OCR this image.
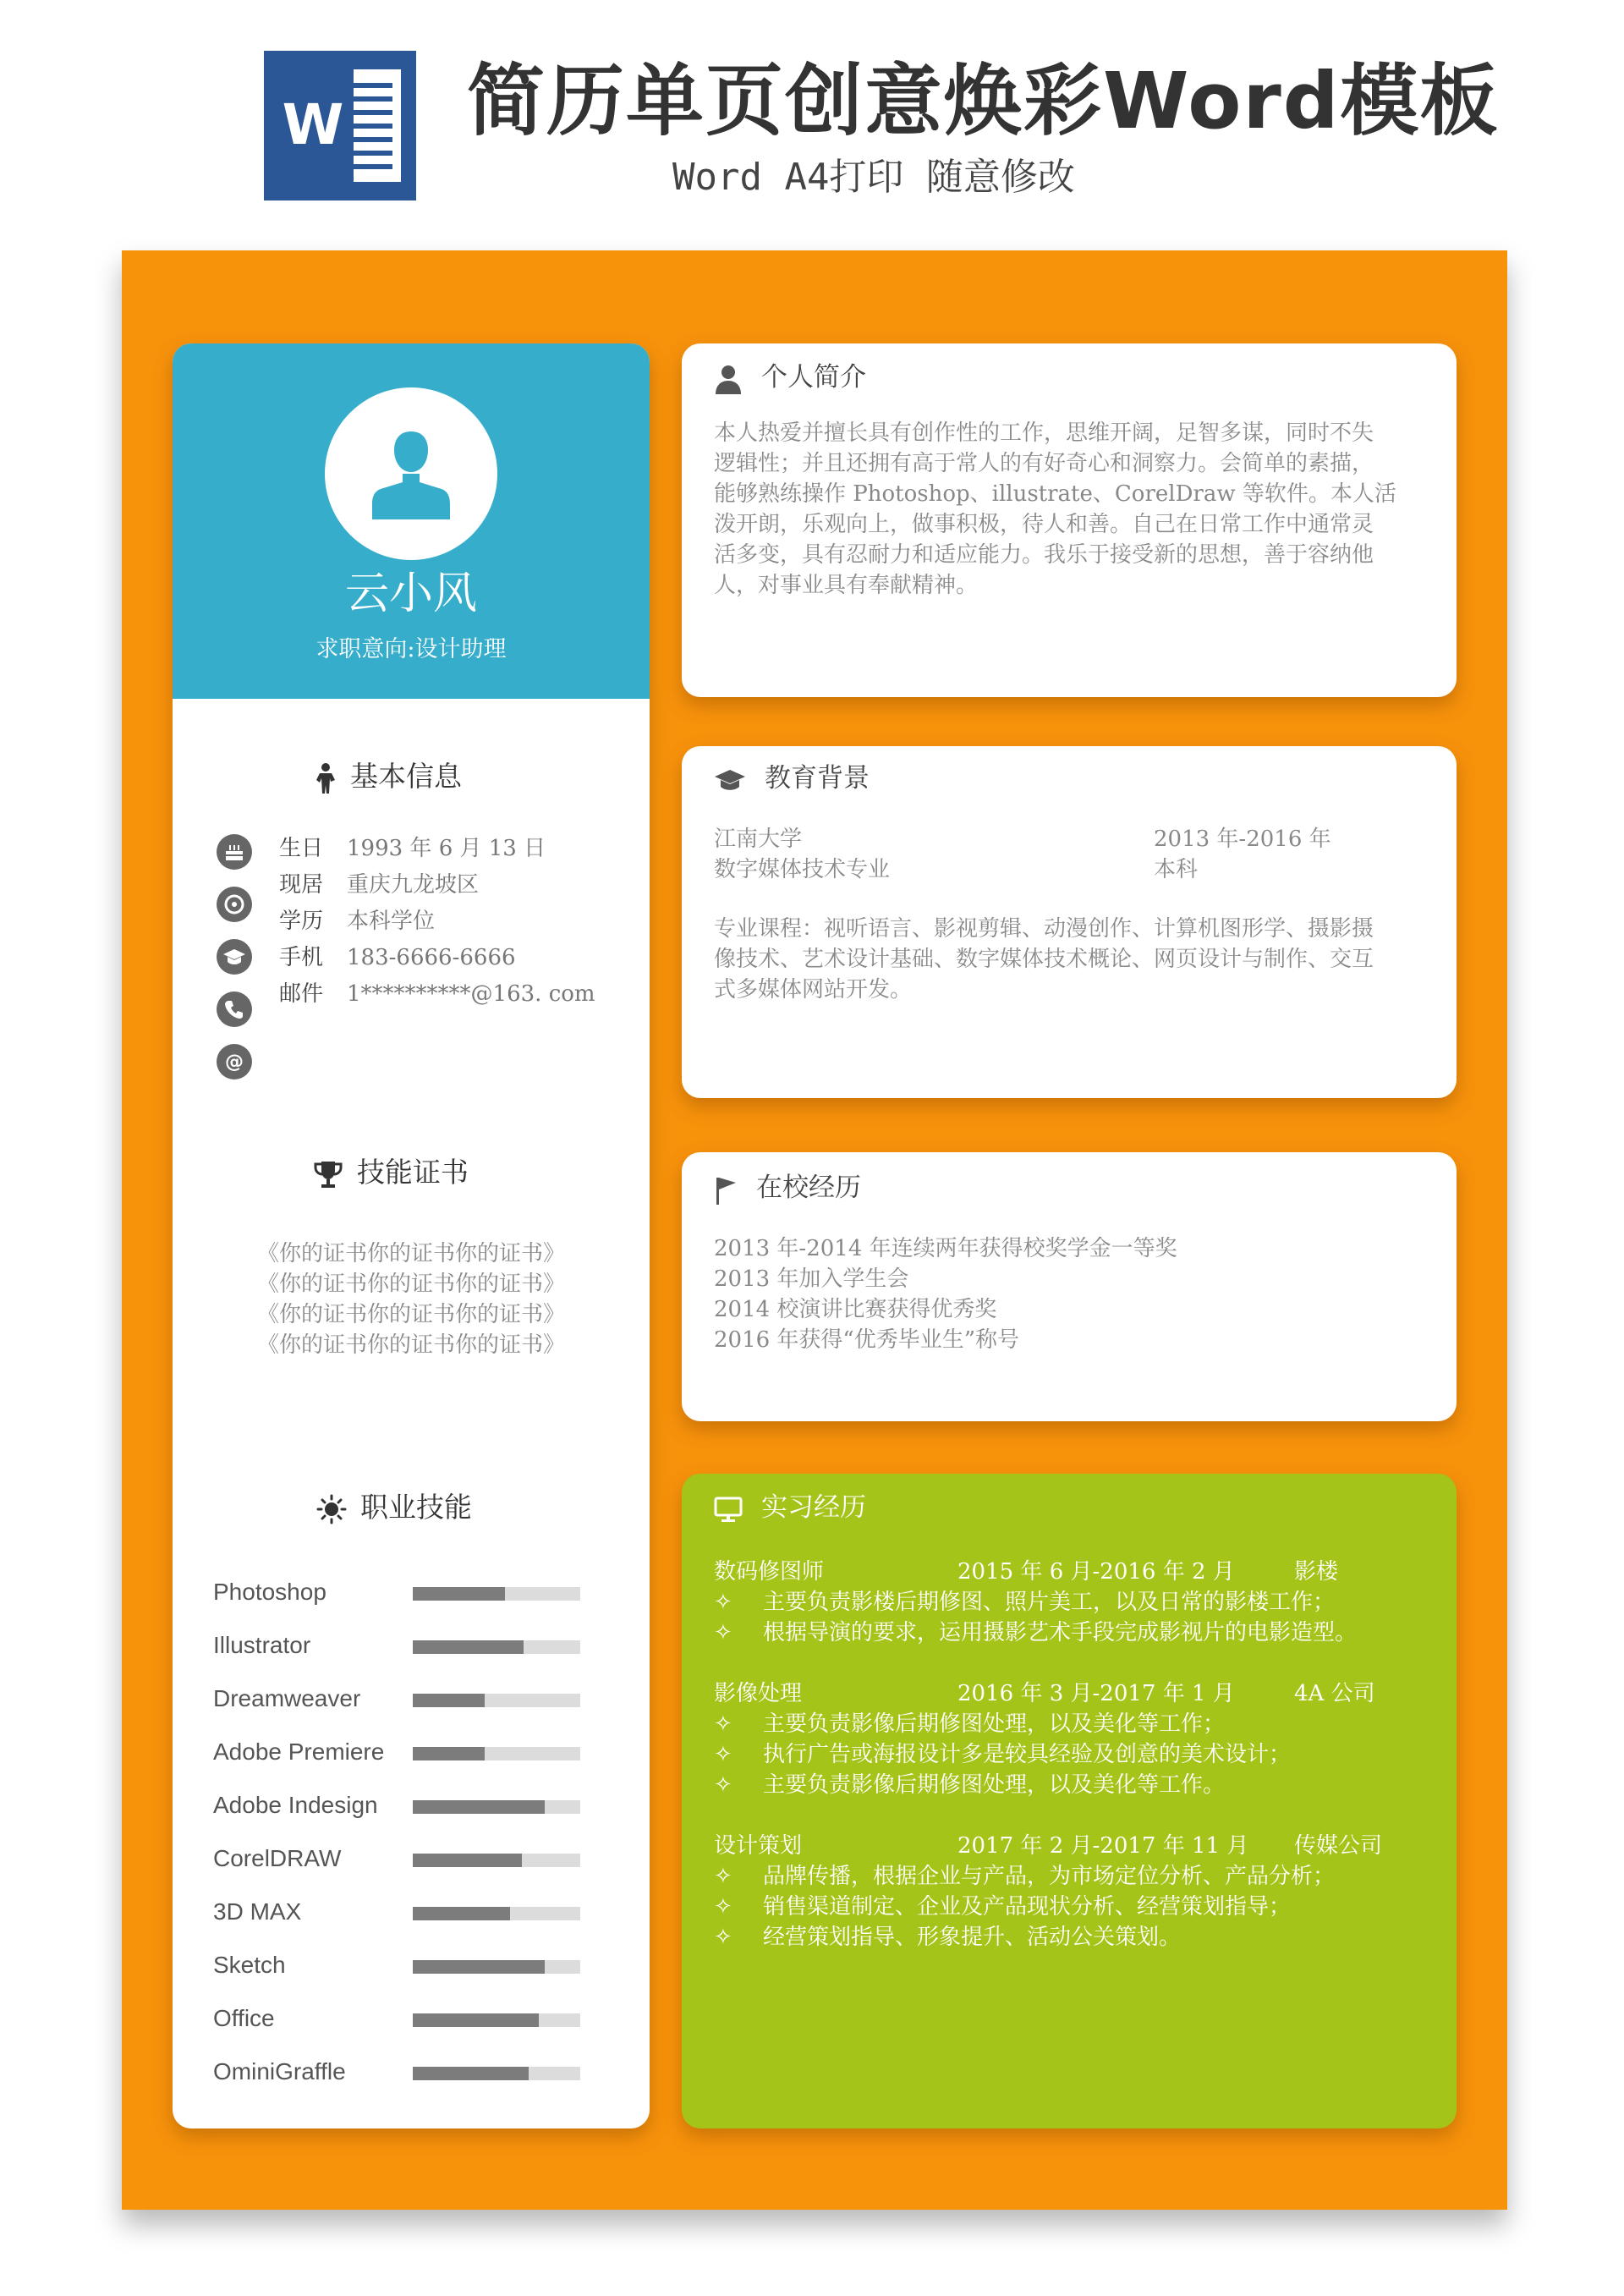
W 简历单页创意焕彩Word模板
Word A4打印 随意修改
云小风
求职意向:设计助理
基本信息
@
生日 1993 年 6 月 13 日
现居 重庆九龙坡区
学历 本科学位
手机 183-6666-6666
邮件 1**********@163. com
技能证书
《你的证书你的证书你的证书》
《你的证书你的证书你的证书》
《你的证书你的证书你的证书》
《你的证书你的证书你的证书》
职业技能
Photoshop
Illustrator
Dreamweaver
Adobe Premiere
Adobe Indesign
CorelDRAW
3D MAX
Sketch
Office
OminiGraffle
个人简介
本人热爱并擅长具有创作性的工作，思维开阔，足智多谋，同时不失
逻辑性；并且还拥有高于常人的有好奇心和洞察力。会简单的素描，
能够熟练操作 Photoshop、illustrate、CorelDraw 等软件。本人活
泼开朗，乐观向上，做事积极，待人和善。自己在日常工作中通常灵
活多变，具有忍耐力和适应能力。我乐于接受新的思想，善于容纳他
人，对事业具有奉献精神。
教育背景
江南大学	2013 年-2016 年
数字媒体技术专业	本科
专业课程：视听语言、影视剪辑、动漫创作、计算机图形学、摄影摄
像技术、艺术设计基础、数字媒体技术概论、网页设计与制作、交互
式多媒体网站开发。
在校经历
2013 年-2014 年连续两年获得校奖学金一等奖
2013 年加入学生会
2014 校演讲比赛获得优秀奖
2016 年获得“优秀毕业生”称号
实习经历
数码修图师	2015 年 6 月-2016 年 2 月	影楼
✧ 主要负责影楼后期修图、照片美工，以及日常的影楼工作；
✧ 根据导演的要求，运用摄影艺术手段完成影视片的电影造型。
影像处理	2016 年 3 月-2017 年 1 月	4A 公司
✧ 主要负责影像后期修图处理，以及美化等工作；
✧ 执行广告或海报设计多是较具经验及创意的美术设计；
✧ 主要负责影像后期修图处理，以及美化等工作。
设计策划	2017 年 2 月-2017 年 11 月 传媒公司
✧ 品牌传播，根据企业与产品，为市场定位分析、产品分析；
✧ 销售渠道制定、企业及产品现状分析、经营策划指导；
✧ 经营策划指导、形象提升、活动公关策划。
